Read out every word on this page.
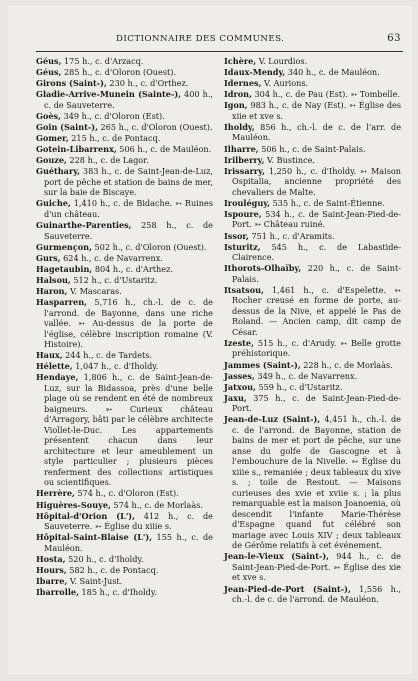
DICTIONNAIRE DES COMMUNES.	63
Géus, 175 h., c. d'Arzacq.
Géus, 285 h., c. d'Oloron (Ouest).
Girons (Saint-), 230 h., c. d'Orthez.
Gladie-Arrive-Munein (Sainte-), 400 h., c. de Sauveterre.
Goès, 349 h., c. d'Oloron (Est).
Goin (Saint-), 265 h., c. d'Oloron (Ouest).
Gomer, 215 h., c. de Pontacq.
Gotein-Libarrenx, 506 h., c. de Mauléon.
Gouze, 228 h., c. de Lagor.
Guéthary, 383 h., c. de Saint-Jean-de-Luz, port de pêche et station de bains de mer, sur la baie de Biscaye.
Guiche, 1,410 h., c. de Bidache. ➳ Ruines d'un château.
Guinarthe-Parenties, 258 h., c. de Sauveterre.
Gurmençon, 502 h., c. d'Oloron (Ouest).
Gurs, 624 h., c. de Navarrenx.
Hagetaubin, 804 h., c. d'Arthez.
Halsou, 512 h., c. d'Ustaritz.
Haron, V. Mascaras.
Hasparren, 5,716 h., ch.-l. de c. de l'arrond. de Bayonne, dans une riche vallée. ➳ Au-dessus de la porte de l'église, célèbre inscription romaine (V. Histoire).
Haux, 244 h., c. de Tardets.
Hélette, 1,047 h., c. d'Iholdy.
Hendaye, 1,806 h., c. de Saint-Jean-de-Luz, sur la Bidassoa, près d'une belle plage où se rendent en été de nombreux baigneurs. ➳ Curieux château d'Arragory, bâti par le célèbre architecte Viollet-le-Duc. Les appartements présentent chacun dans leur architecture et leur ameublement un style particulier ; plusieurs pièces renferment des collections artistiques ou scientifiques.
Herrère, 574 h., c. d'Oloron (Est).
Higuères-Souye, 574 h., c. de Morlaàs.
Hôpital-d'Orion (L'), 412 h., c. de Sauveterre. ➳ Église du xiiie s.
Hôpital-Saint-Blaise (L'), 155 h., c. de Mauléon.
Hosta, 520 h., c. d'Iholdy.
Hours, 582 h., c. de Pontacq.
Ibarre, V. Saint-Just.
Ibarrolle, 185 h., c. d'Iholdy.
Ichère, V. Lourdios.
Idaux-Mendy, 340 h., c. de Mauléon.
Idernes, V. Aurions.
Idron, 304 h., c. de Pau (Est). ➳ Tombelle.
Igon, 983 h., c. de Nay (Est). ➳ Église des xiie et xve s.
Iholdy, 856 h., ch.-l. de c. de l'arr. de Mauléon.
Ilharre, 506 h., c. de Saint-Palais.
Irilberry, V. Bustince.
Irissarry, 1,250 h., c. d'Iholdy. ➳ Maison Ospitalia, ancienne propriété des chevaliers de Malte.
Irouléguy, 535 h., c. de Saint-Étienne.
Ispoure, 534 h., c. de Saint-Jean-Pied-de-Port. ➳ Château ruiné.
Issor, 751 h., c. d'Aramits.
Isturitz, 545 h., c. de Labastide-Clairence.
Ithorots-Olhaïby, 220 h., c. de Saint-Palais.
Itsatsou, 1,461 h., c. d'Espelette. ➳ Rocher creusé en forme de porte, au-dessus de la Nive, et appelé le Pas de Roland. — Ancien camp, dit camp de César.
Izeste, 515 h., c. d'Arudy. ➳ Belle grotte préhistorique.
Jammes (Saint-), 228 h., c. de Morlaàs.
Jasses, 349 h., c. de Navarrenx.
Jatxou, 559 h., c. d'Ustaritz.
Jaxu, 375 h., c. de Saint-Jean-Pied-de-Port.
Jean-de-Luz (Saint-), 4,451 h., ch.-l. de c. de l'arrond. de Bayonne, station de bains de mer et port de pêche, sur une anse du golfe de Gascogne et à l'embouchure de la Nivelle. ➳ Église du xiiie s., remaniée ; deux tableaux du xive s. ; toile de Restout. — Maisons curieuses des xvie et xviie s. ; la plus remarquable est la maison Joanoenia, où descendit l'infante Marie-Thérèse d'Espagne quand fut célébré son mariage avec Louis XIV ; deux tableaux de Gérôme relatifs à cet événement.
Jean-le-Vieux (Saint-), 944 h., c. de Saint-Jean-Pied-de-Port. ➳ Église des xie et xve s.
Jean-Pied-de-Port (Saint-), 1,556 h., ch.-l. de c. de l'arrond. de Mauléon.
